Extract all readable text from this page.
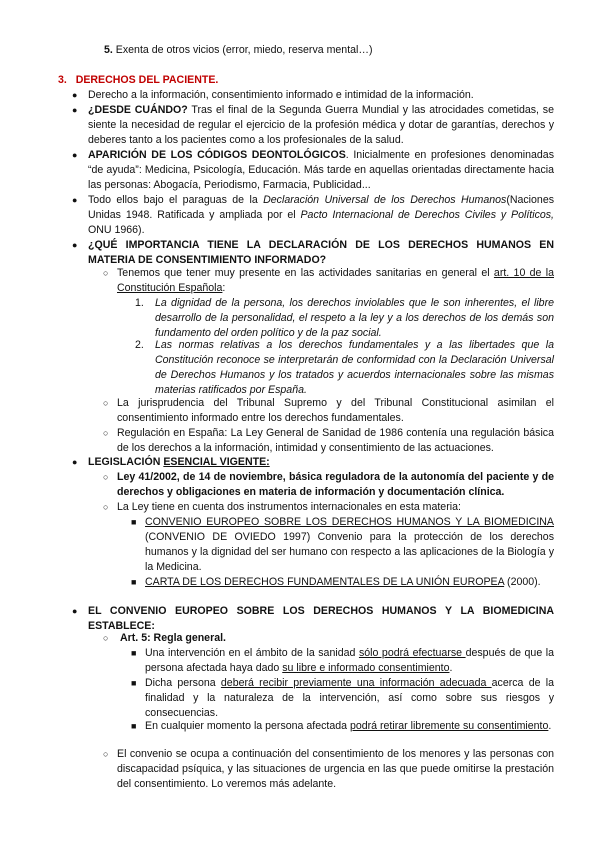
5. Exenta de otros vicios (error, miedo, reserva mental…)
3. DERECHOS DEL PACIENTE.
● Derecho a la información, consentimiento informado e intimidad de la información.
● ¿DESDE CUÁNDO? Tras el final de la Segunda Guerra Mundial y las atrocidades cometidas, se siente la necesidad de regular el ejercicio de la profesión médica y dotar de garantías, derechos y deberes tanto a los pacientes como a los profesionales de la salud.
● APARICIÓN DE LOS CÓDIGOS DEONTOLÓGICOS. Inicialmente en profesiones denominadas “de ayuda”: Medicina, Psicología, Educación. Más tarde en aquellas orientadas directamente hacia las personas: Abogacía, Periodismo, Farmacia, Publicidad...
● Todo ellos bajo el paraguas de la Declaración Universal de los Derechos Humanos(Naciones Unidas 1948. Ratificada y ampliada por el Pacto Internacional de Derechos Civiles y Políticos, ONU 1966).
● ¿QUÉ IMPORTANCIA TIENE LA DECLARACIÓN DE LOS DERECHOS HUMANOS EN MATERIA DE CONSENTIMIENTO INFORMADO?
○ Tenemos que tener muy presente en las actividades sanitarias en general el art. 10 de la Constitución Española:
1. La dignidad de la persona, los derechos inviolables que le son inherentes, el libre desarrollo de la personalidad, el respeto a la ley y a los derechos de los demás son fundamento del orden político y de la paz social.
2. Las normas relativas a los derechos fundamentales y a las libertades que la Constitución reconoce se interpretarán de conformidad con la Declaración Universal de Derechos Humanos y los tratados y acuerdos internacionales sobre las mismas materias ratificados por España.
○ La jurisprudencia del Tribunal Supremo y del Tribunal Constitucional asimilan el consentimiento informado entre los derechos fundamentales.
○ Regulación en España: La Ley General de Sanidad de 1986 contenía una regulación básica de los derechos a la información, intimidad y consentimiento de las actuaciones.
● LEGISLACIÓN ESENCIAL VIGENTE:
○ Ley 41/2002, de 14 de noviembre, básica reguladora de la autonomía del paciente y de derechos y obligaciones en materia de información y documentación clínica.
○ La Ley tiene en cuenta dos instrumentos internacionales en esta materia:
■ CONVENIO EUROPEO SOBRE LOS DERECHOS HUMANOS Y LA BIOMEDICINA (CONVENIO DE OVIEDO 1997) Convenio para la protección de los derechos humanos y la dignidad del ser humano con respecto a las aplicaciones de la Biología y la Medicina.
■ CARTA DE LOS DERECHOS FUNDAMENTALES DE LA UNIÓN EUROPEA (2000).
● EL CONVENIO EUROPEO SOBRE LOS DERECHOS HUMANOS Y LA BIOMEDICINA ESTABLECE:
○ Art. 5: Regla general.
■ Una intervención en el ámbito de la sanidad sólo podrá efectuarse después de que la persona afectada haya dado su libre e informado consentimiento.
■ Dicha persona deberá recibir previamente una información adecuada acerca de la finalidad y la naturaleza de la intervención, así como sobre sus riesgos y consecuencias.
■ En cualquier momento la persona afectada podrá retirar libremente su consentimiento.
○ El convenio se ocupa a continuación del consentimiento de los menores y las personas con discapacidad psíquica, y las situaciones de urgencia en las que puede omitirse la prestación del consentimiento. Lo veremos más adelante.
